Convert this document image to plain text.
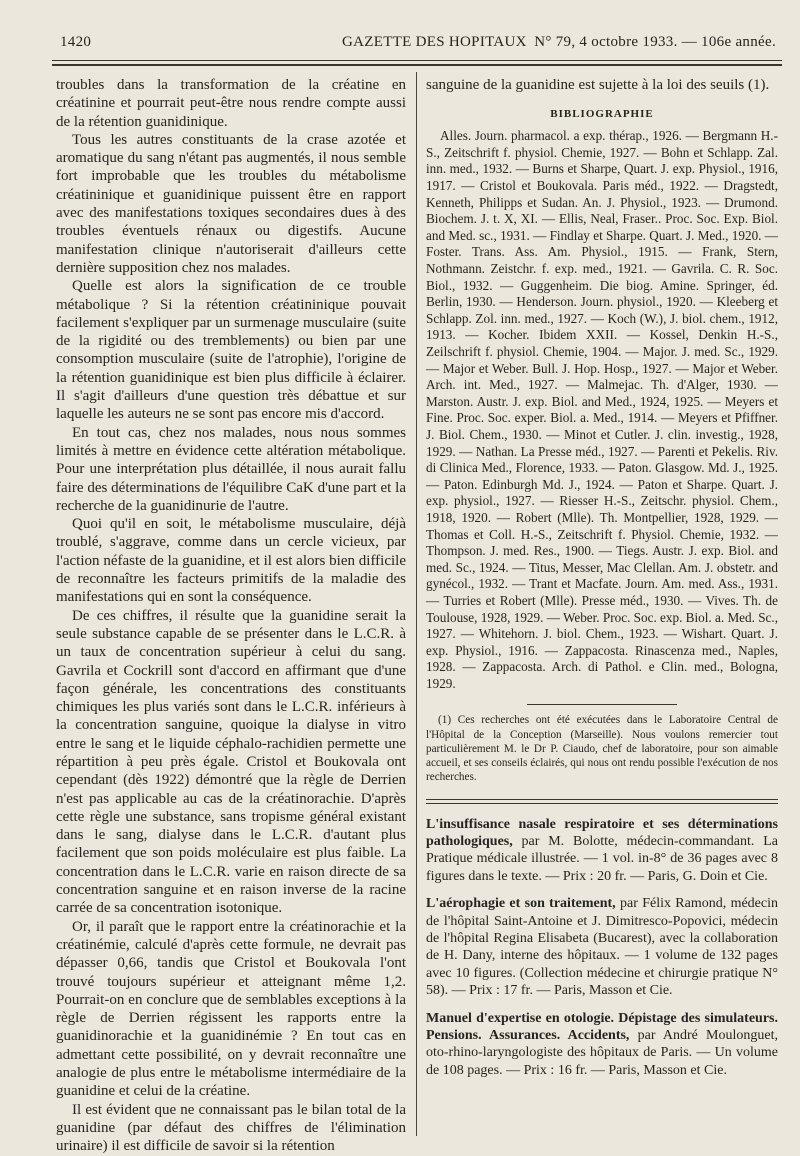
1420	GAZETTE DES HOPITAUX N° 79, 4 octobre 1933. — 106e année.

troubles dans la transformation de la créatine en créatinine et pourrait peut-être nous rendre compte aussi de la rétention guanidinique.

Tous les autres constituants de la crase azotée et aromatique du sang n'étant pas augmentés, il nous semble fort improbable que les troubles du métabolisme créatininique et guanidinique puissent être en rapport avec des manifestations toxiques secondaires dues à des troubles éventuels rénaux ou digestifs. Aucune manifestation clinique n'autoriserait d'ailleurs cette dernière supposition chez nos malades.

Quelle est alors la signification de ce trouble métabolique ? Si la rétention créatininique pouvait facilement s'expliquer par un surmenage musculaire (suite de la rigidité ou des tremblements) ou bien par une consomption musculaire (suite de l'atrophie), l'origine de la rétention guanidinique est bien plus difficile à éclairer. Il s'agit d'ailleurs d'une question très débattue et sur laquelle les auteurs ne se sont pas encore mis d'accord.

En tout cas, chez nos malades, nous nous sommes limités à mettre en évidence cette altération métabolique. Pour une interprétation plus détaillée, il nous aurait fallu faire des déterminations de l'équilibre CaK d'une part et la recherche de la guanidinurie de l'autre.

Quoi qu'il en soit, le métabolisme musculaire, déjà troublé, s'aggrave, comme dans un cercle vicieux, par l'action néfaste de la guanidine, et il est alors bien difficile de reconnaître les facteurs primitifs de la maladie des manifestations qui en sont la conséquence.

De ces chiffres, il résulte que la guanidine serait la seule substance capable de se présenter dans le L.C.R. à un taux de concentration supérieur à celui du sang. Gavrila et Cockrill sont d'accord en affirmant que d'une façon générale, les concentrations des constituants chimiques les plus variés sont dans le L.C.R. inférieurs à la concentration sanguine, quoique la dialyse in vitro entre le sang et le liquide céphalo-rachidien permette une répartition à peu près égale. Cristol et Boukovala ont cependant (dès 1922) démontré que la règle de Derrien n'est pas applicable au cas de la créatinorachie. D'après cette règle une substance, sans tropisme général existant dans le sang, dialyse dans le L.C.R. d'autant plus facilement que son poids moléculaire est plus faible. La concentration dans le L.C.R. varie en raison directe de sa concentration sanguine et en raison inverse de la racine carrée de sa concentration isotonique.

Or, il paraît que le rapport entre la créatinorachie et la créatinémie, calculé d'après cette formule, ne devrait pas dépasser 0,66, tandis que Cristol et Boukovala l'ont trouvé toujours supérieur et atteignant même 1,2. Pourrait-on en conclure que de semblables exceptions à la règle de Derrien régissent les rapports entre la guanidinorachie et la guanidinémie ? En tout cas en admettant cette possibilité, on y devrait reconnaître une analogie de plus entre le métabolisme intermédiaire de la guanidine et celui de la créatine.

Il est évident que ne connaissant pas le bilan total de la guanidine (par défaut des chiffres de l'élimination urinaire) il est difficile de savoir si la rétention

sanguine de la guanidine est sujette à la loi des seuils (1).

BIBLIOGRAPHIE

Alles. Journ. pharmacol. a exp. thérap., 1926. — Bergmann H.-S., Zeitschrift f. physiol. Chemie, 1927. — Bohn et Schlapp. Zal. inn. med., 1932. — Burns et Sharpe, Quart. J. exp. Physiol., 1916, 1917. — Cristol et Boukovala. Paris méd., 1922. — Dragstedt, Kenneth, Philipps et Sudan. An. J. Physiol., 1923. — Drumond. Biochem. J. t. X, XI. — Ellis, Neal, Fraser.. Proc. Soc. Exp. Biol. and Med. sc., 1931. — Findlay et Sharpe. Quart. J. Med., 1920. — Foster. Trans. Ass. Am. Physiol., 1915. — Frank, Stern, Nothmann. Zeistchr. f. exp. med., 1921. — Gavrila. C. R. Soc. Biol., 1932. — Guggenheim. Die biog. Amine. Springer, éd. Berlin, 1930. — Henderson. Journ. physiol., 1920. — Kleeberg et Schlapp. Zol. inn. med., 1927. — Koch (W.), J. biol. chem., 1912, 1913. — Kocher. Ibidem XXII. — Kossel, Denkin H.-S., Zeilschrift f. physiol. Chemie, 1904. — Major. J. med. Sc., 1929. — Major et Weber. Bull. J. Hop. Hosp., 1927. — Major et Weber. Arch. int. Med., 1927. — Malmejac. Th. d'Alger, 1930. — Marston. Austr. J. exp. Biol. and Med., 1924, 1925. — Meyers et Fine. Proc. Soc. exper. Biol. a. Med., 1914. — Meyers et Pfiffner. J. Biol. Chem., 1930. — Minot et Cutler. J. clin. investig., 1928, 1929. — Nathan. La Presse méd., 1927. — Parenti et Pekelis. Riv. di Clinica Med., Florence, 1933. — Paton. Glasgow. Md. J., 1925. — Paton. Edinburgh Md. J., 1924. — Paton et Sharpe. Quart. J. exp. physiol., 1927. — Riesser H.-S., Zeitschr. physiol. Chem., 1918, 1920. — Robert (Mlle). Th. Montpellier, 1928, 1929. — Thomas et Coll. H.-S., Zeitschrift f. Physiol. Chemie, 1932. — Thompson. J. med. Res., 1900. — Tiegs. Austr. J. exp. Biol. and med. Sc., 1924. — Titus, Messer, Mac Clellan. Am. J. obstetr. and gynécol., 1932. — Trant et Macfate. Journ. Am. med. Ass., 1931. — Turries et Robert (Mlle). Presse méd., 1930. — Vives. Th. de Toulouse, 1928, 1929. — Weber. Proc. Soc. exp. Biol. a. Med. Sc., 1927. — Whitehorn. J. biol. Chem., 1923. — Wishart. Quart. J. exp. Physiol., 1916. — Zappacosta. Rinascenza med., Naples, 1928. — Zappacosta. Arch. di Pathol. e Clin. med., Bologna, 1929.

(1) Ces recherches ont été exécutées dans le Laboratoire Central de l'Hôpital de la Conception (Marseille). Nous voulons remercier tout particulièrement M. le Dr P. Ciaudo, chef de laboratoire, pour son aimable accueil, et ses conseils éclairés, qui nous ont rendu possible l'exécution de nos recherches.

L'insuffisance nasale respiratoire et ses déterminations pathologiques, par M. Bolotte, médecin-commandant. La Pratique médicale illustrée. — 1 vol. in-8° de 36 pages avec 8 figures dans le texte. — Prix : 20 fr. — Paris, G. Doin et Cie.

L'aérophagie et son traitement, par Félix Ramond, médecin de l'hôpital Saint-Antoine et J. Dimitresco-Popovici, médecin de l'hôpital Regina Elisabeta (Bucarest), avec la collaboration de H. Dany, interne des hôpitaux. — 1 volume de 132 pages avec 10 figures. (Collection médecine et chirurgie pratique N° 58). — Prix : 17 fr. — Paris, Masson et Cie.

Manuel d'expertise en otologie. Dépistage des simulateurs. Pensions. Assurances. Accidents, par André Moulonguet, oto-rhino-laryngologiste des hôpitaux de Paris. — Un volume de 108 pages. — Prix : 16 fr. — Paris, Masson et Cie.
